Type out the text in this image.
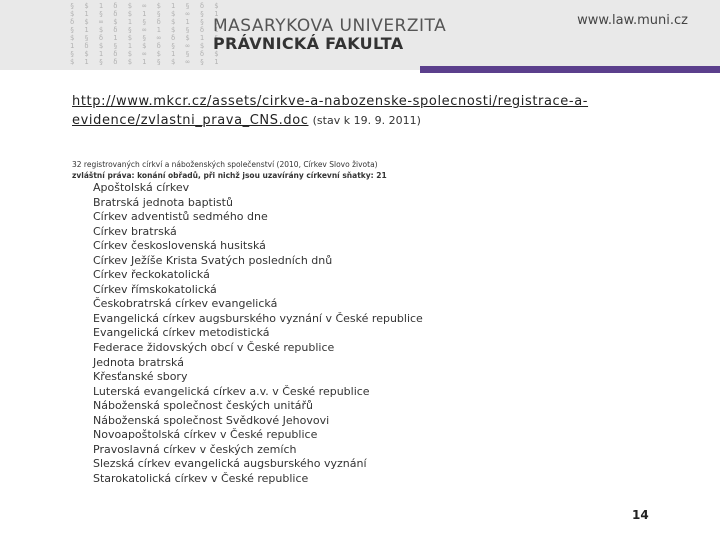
§ $ 1 δ $ ∞ $ 1 § δ $
$ 1 § δ $ 1 § $ ∞ § 1
δ $ ∞ $ 1 § δ $ 1 § $
§ 1 $ δ § ∞ 1 $ § δ 1
$ § δ 1 $ § ∞ δ $ 1 §
1 δ $ § 1 $ δ § ∞ $ δ
§ $ 1 δ $ ∞ $ 1 § δ $
$ 1 § δ $ 1 § $ ∞ § 1
MASARYKOVA UNIVERZITA
PRÁVNICKÁ FAKULTA
www.law.muni.cz
http://www.mkcr.cz/assets/cirkve-a-nabozenske-spolecnosti/registrace-a-evidence/zvlastni_prava_CNS.doc (stav k 19. 9. 2011)
32 registrovaných církví a náboženských společenství (2010, Církev Slovo života)
zvláštní práva: konání obřadů, při nichž jsou uzavírány církevní sňatky: 21
Apoštolská církev
Bratrská jednota baptistů
Církev adventistů sedmého dne
Církev bratrská
Církev československá husitská
Církev Ježíše Krista Svatých posledních dnů
Církev řeckokatolická
Církev římskokatolická
Českobratrská církev evangelická
Evangelická církev augsburského vyznání v České republice
Evangelická církev metodistická
Federace židovských obcí v České republice
Jednota bratrská
Křesťanské sbory
Luterská evangelická církev a.v. v České republice
Náboženská společnost českých unitářů
Náboženská společnost Svědkové Jehovovi
Novoapoštolská církev v České republice
Pravoslavná církev v českých zemích
Slezská církev evangelická augsburského vyznání
Starokatolická církev v České republice
14
